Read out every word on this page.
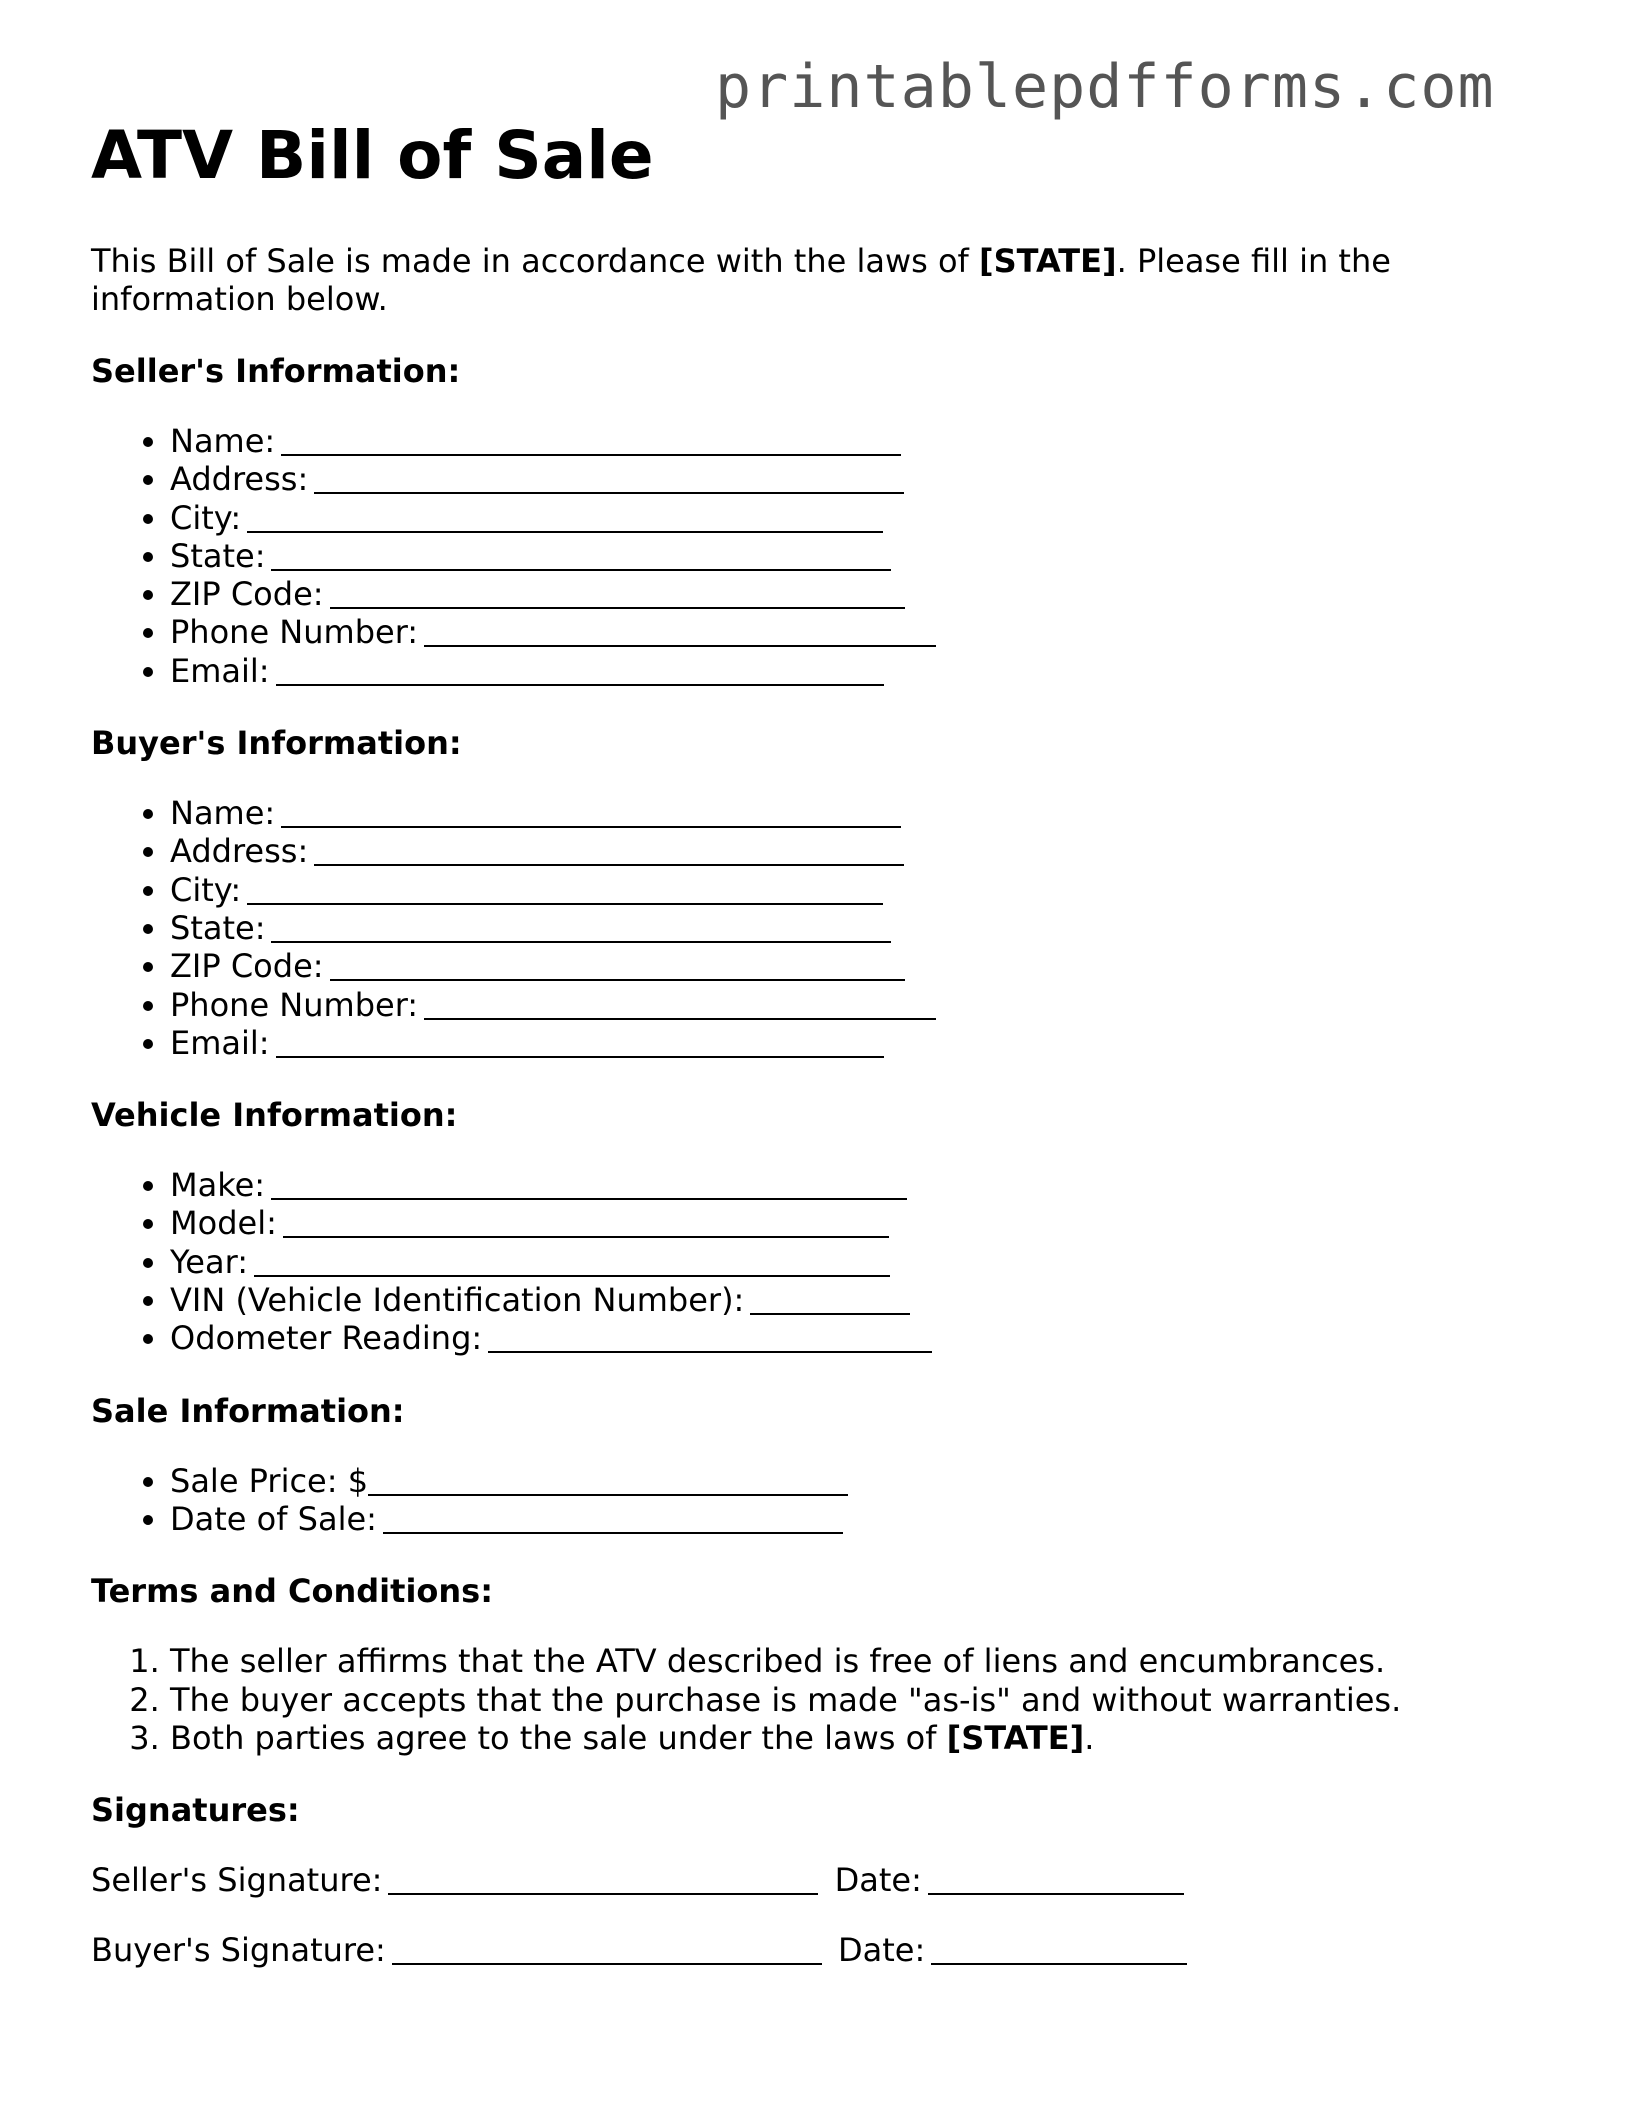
printablepdfforms.com
ATV Bill of Sale

This Bill of Sale is made in accordance with the laws of [STATE]. Please fill in the information below.

Seller's Information:
• Name:
• Address:
• City:
• State:
• ZIP Code:
• Phone Number:
• Email:
Buyer's Information:
• Name:
• Address:
• City:
• State:
• ZIP Code:
• Phone Number:
• Email:
Vehicle Information:
• Make:
• Model:
• Year:
• VIN (Vehicle Identification Number):
• Odometer Reading:
Sale Information:
• Sale Price: $
• Date of Sale:
Terms and Conditions:
1. The seller affirms that the ATV described is free of liens and encumbrances.
2. The buyer accepts that the purchase is made "as-is" and without warranties.
3. Both parties agree to the sale under the laws of [STATE].
Signatures:
Seller's Signature:	Date:
Buyer's Signature:	Date:
